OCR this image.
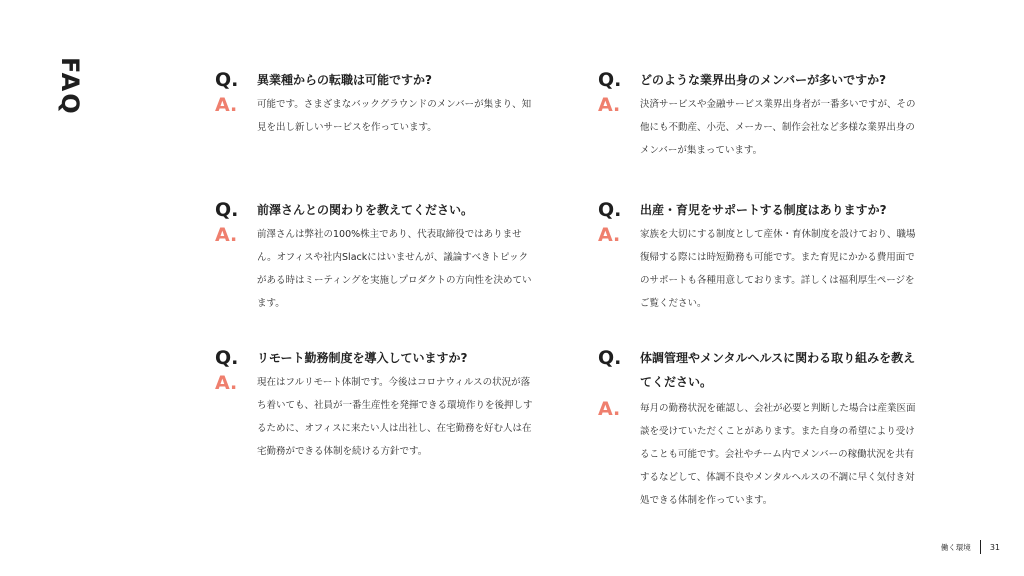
FAQ	Q.	異業種からの転職は可能ですか?
A.	可能です。さまざまなバックグラウンドのメンバーが集まり、知見を出し新しいサービスを作っています。
Q.	前澤さんとの関わりを教えてください。
A.	前澤さんは弊社の100%株主であり、代表取締役ではありません。オフィスや社内Slackにはいませんが、議論すべきトピックがある時はミーティングを実施しプロダクトの方向性を決めています。
Q.	リモート勤務制度を導入していますか?
A.	現在はフルリモート体制です。今後はコロナウィルスの状況が落ち着いても、社員が一番生産性を発揮できる環境作りを後押しするために、オフィスに来たい人は出社し、在宅勤務を好む人は在宅勤務ができる体制を続ける方針です。
Q.	どのような業界出身のメンバーが多いですか?
A.	決済サービスや金融サービス業界出身者が一番多いですが、その他にも不動産、小売、メーカー、制作会社など多様な業界出身のメンバーが集まっています。
Q.	出産・育児をサポートする制度はありますか?
A.	家族を大切にする制度として産休・育休制度を設けており、職場復帰する際には時短勤務も可能です。また育児にかかる費用面でのサポートも各種用意しております。詳しくは福利厚生ページをご覧ください。
Q.	体調管理やメンタルヘルスに関わる取り組みを教えてください。
A.	毎月の勤務状況を確認し、会社が必要と判断した場合は産業医面談を受けていただくことがあります。また自身の希望により受けることも可能です。会社やチーム内でメンバーの稼働状況を共有するなどして、体調不良やメンタルヘルスの不調に早く気付き対処できる体制を作っています。
働く環境 31
